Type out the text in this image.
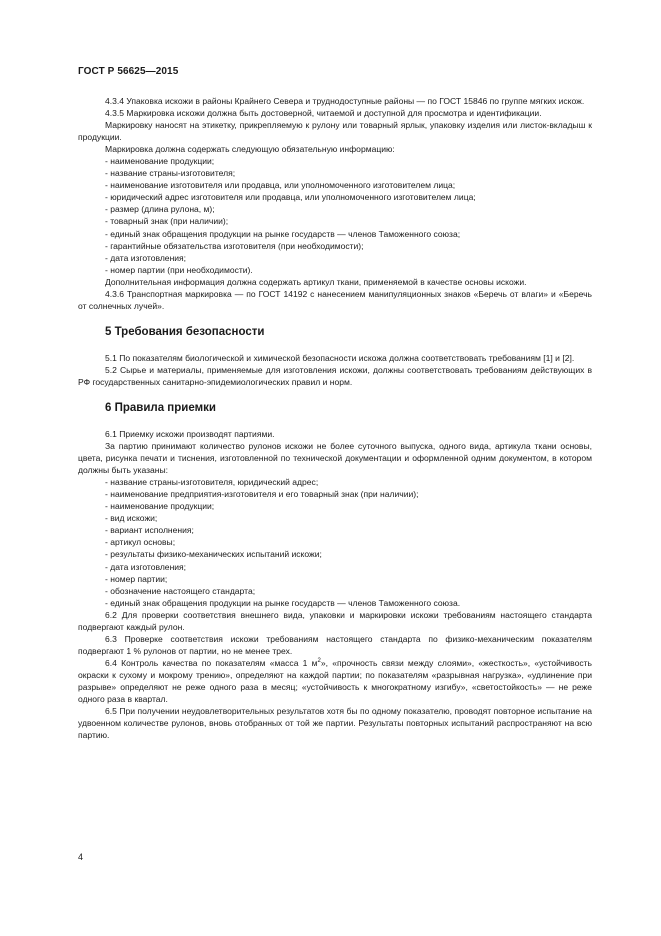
ГОСТ Р 56625—2015

4.3.4 Упаковка искожи в районы Крайнего Севера и труднодоступные районы — по ГОСТ 15846 по группе мягких искож.

4.3.5 Маркировка искожи должна быть достоверной, читаемой и доступной для просмотра и идентификации.

Маркировку наносят на этикетку, прикрепляемую к рулону или товарный ярлык, упаковку изделия или листок-вкладыш к продукции.

Маркировка должна содержать следующую обязательную информацию:

- наименование продукции;

- название страны-изготовителя;

- наименование изготовителя или продавца, или уполномоченного изготовителем лица;

- юридический адрес изготовителя или продавца, или уполномоченного изготовителем лица;

- размер (длина рулона, м);

- товарный знак (при наличии);

- единый знак обращения продукции на рынке государств — членов Таможенного союза;

- гарантийные обязательства изготовителя (при необходимости);

- дата изготовления;

- номер партии (при необходимости).

Дополнительная информация должна содержать артикул ткани, применяемой в качестве основы искожи.

4.3.6 Транспортная маркировка — по ГОСТ 14192 с нанесением манипуляционных знаков «Беречь от влаги» и «Беречь от солнечных лучей».

5 Требования безопасности

5.1 По показателям биологической и химической безопасности искожа должна соответствовать требованиям [1] и [2].

5.2 Сырье и материалы, применяемые для изготовления искожи, должны соответствовать требованиям действующих в РФ государственных санитарно-эпидемиологических правил и норм.

6 Правила приемки

6.1 Приемку искожи производят партиями.

За партию принимают количество рулонов искожи не более суточного выпуска, одного вида, артикула ткани основы, цвета, рисунка печати и тиснения, изготовленной по технической документации и оформленной одним документом, в котором должны быть указаны:

- название страны-изготовителя, юридический адрес;

- наименование предприятия-изготовителя и его товарный знак (при наличии);

- наименование продукции;

- вид искожи;

- вариант исполнения;

- артикул основы;

- результаты физико-механических испытаний искожи;

- дата изготовления;

- номер партии;

- обозначение настоящего стандарта;

- единый знак обращения продукции на рынке государств — членов Таможенного союза.

6.2 Для проверки соответствия внешнего вида, упаковки и маркировки искожи требованиям настоящего стандарта подвергают каждый рулон.

6.3 Проверке соответствия искожи требованиям настоящего стандарта по физико-механическим показателям подвергают 1 % рулонов от партии, но не менее трех.

6.4 Контроль качества по показателям «масса 1 $м^2$», «прочность связи между слоями», «жесткость», «устойчивость окраски к сухому и мокрому трению», определяют на каждой партии; по показателям «разрывная нагрузка», «удлинение при разрыве» определяют не реже одного раза в месяц; «устойчивость к многократному изгибу», «светостойкость» — не реже одного раза в квартал.

6.5 При получении неудовлетворительных результатов хотя бы по одному показателю, проводят повторное испытание на удвоенном количестве рулонов, вновь отобранных от той же партии. Результаты повторных испытаний распространяют на всю партию.

4
